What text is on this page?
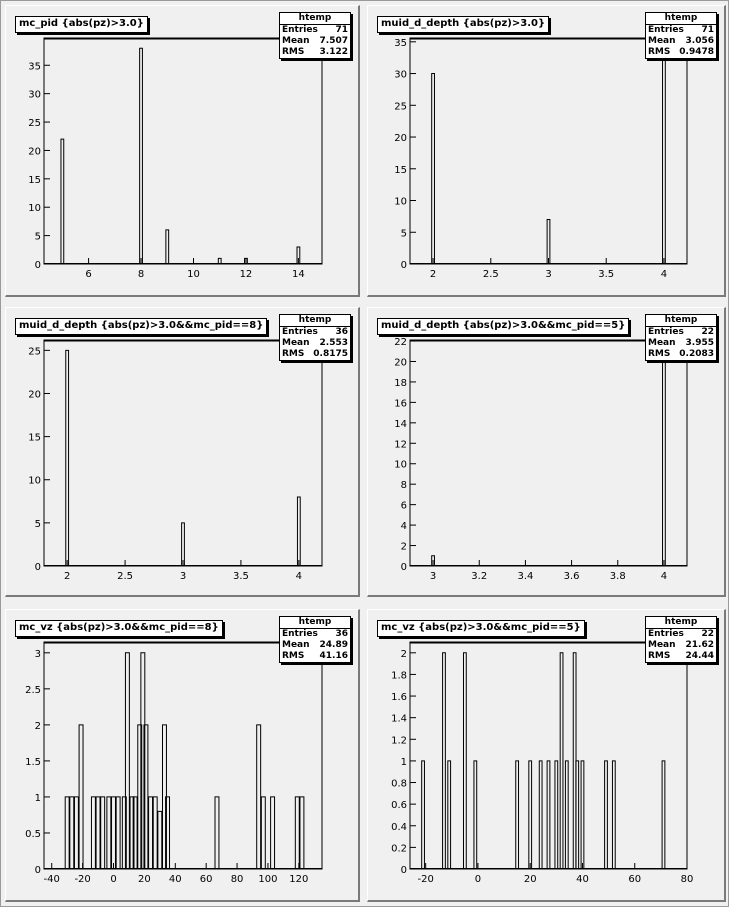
6	8	10	12	14
0
5
10
15
20
25
30
35
mc_pid {abs(pz)>3.0}	htemp
Entries 71
Mean 7.507
RMS 3.122
2	2.5	3	3.5	4
0
5
10
15
20
25
30
35
muid_d_depth {abs(pz)>3.0}	htemp
Entries 71
Mean 3.056
RMS 0.9478
2	2.5	3	3.5	4
0
5
10
15
20
25
muid_d_depth {abs(pz)>3.0&&mc_pid==8}	htemp
Entries 36
Mean 2.553
RMS 0.8175
3	3.2	3.4	3.6	3.8	4
0
2
4
6
8
10
12
14
16
18
20
22
muid_d_depth {abs(pz)>3.0&&mc_pid==5}	htemp
Entries 22
Mean 3.955
RMS 0.2083
-40 -20 0 20 40 60 80 100 120
0
0.5
1
1.5
2
2.5
3
mc_vz {abs(pz)>3.0&&mc_pid==8}	htemp
Entries 36
Mean 24.89
RMS 41.16
-20	0	20	40	60	80
0
0.2
0.4
0.6
0.8
1
1.2
1.4
1.6
1.8
2
mc_vz {abs(pz)>3.0&&mc_pid==5}	htemp
Entries 22
Mean 21.62
RMS 24.44
